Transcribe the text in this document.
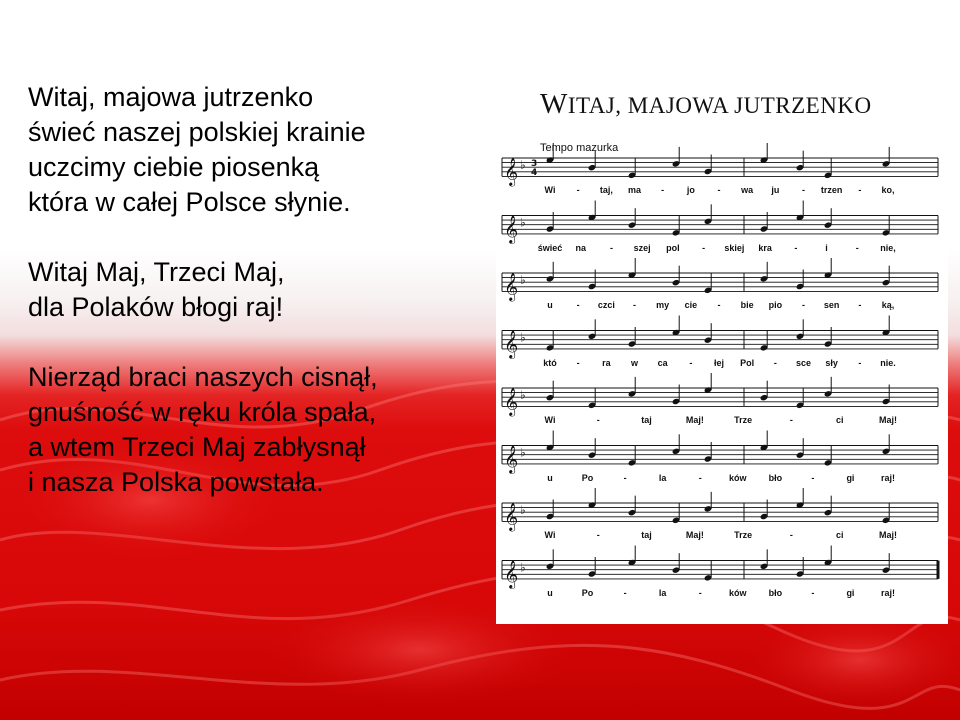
Witaj, majowa jutrzenko
świeć naszej polskiej krainie
uczcimy ciebie piosenką
która w całej Polsce słynie.
Witaj Maj, Trzeci Maj,
dla Polaków błogi raj!
Nierząd braci naszych cisnął,
gnuśność w ręku króla spała,
a wtem Trzeci Maj zabłysnął
i nasza Polska powstała.
WITAJ, MAJOWA JUTRZENKO
Tempo mazurka
𝄞 ♭ 3
4
𝄞 ♭
𝄞 ♭
𝄞 ♭
𝄞 ♭
𝄞 ♭
𝄞 ♭
𝄞 ♭
Wi - taj, ma -	jo	- wa ju	- trzen - ko,
świeć na	- szej pol - skiej kra -	i	- nie,
u	- czci - my cie - bie pio - sen - ką,
któ - ra w ca - łej Pol - sce sły - nie.
Wi	-	taj	Maj!	Trze	-	ci	Maj!
u	Po	-	la	-	ków bło	-	gi	raj!
Wi	-	taj	Maj!	Trze	-	ci	Maj!
u	Po	-	la	-	ków bło	-	gi	raj!
